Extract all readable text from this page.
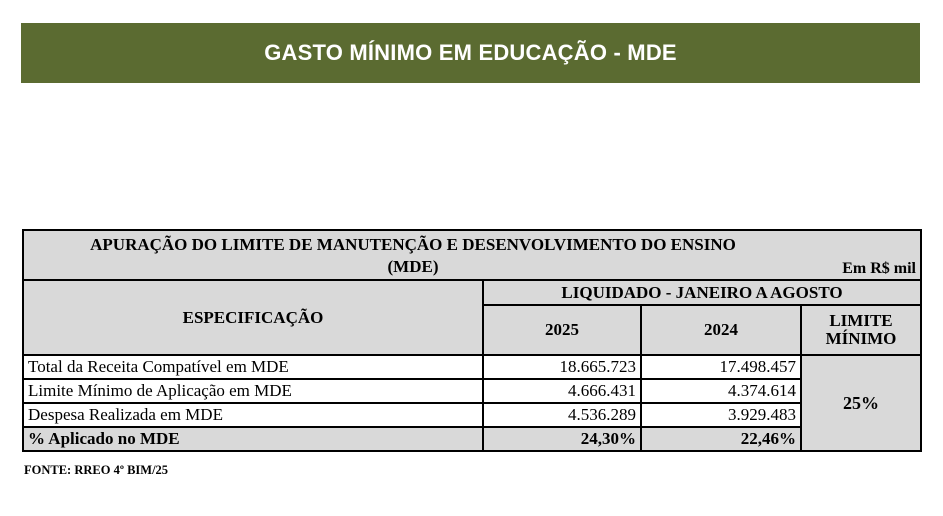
GASTO MÍNIMO EM EDUCAÇÃO - MDE
APURAÇÃO DO LIMITE DE MANUTENÇÃO E DESENVOLVIMENTO DO ENSINO
(MDE) Em R$ mil			

ESPECIFICAÇÃO	LIQUIDADO - JANEIRO A AGOSTO		
	2025	2024	LIMITE
MÍNIMO

Total da Receita Compatível em MDE	18.665.723	17.498.457	25%
Limite Mínimo de Aplicação em MDE	4.666.431	4.374.614	
Despesa Realizada em MDE	4.536.289	3.929.483	
% Aplicado no MDE	24,30%	22,46%	
FONTE: RREO 4º BIM/25
